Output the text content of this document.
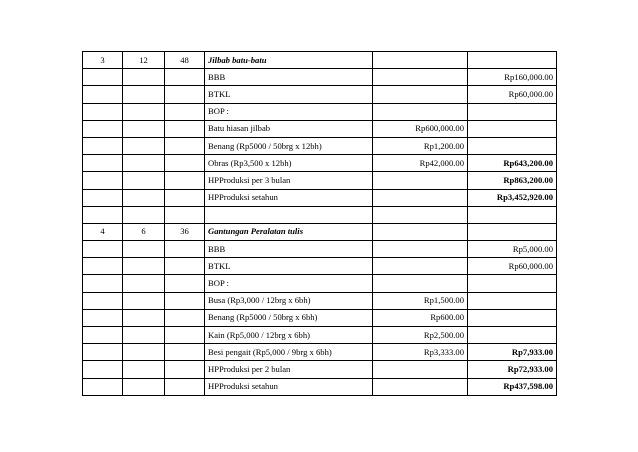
3	12	48	Jilbab batu-batu		
			BBB		Rp160,000.00
			BTKL		Rp60,000.00
			BOP :		
			Batu hiasan jilbab	Rp600,000.00	
			Benang (Rp5000 / 50brg x 12bh)	Rp1,200.00	
			Obras (Rp3,500 x 12bh)	Rp42,000.00	Rp643,200.00
			HPProduksi per 3 bulan		Rp863,200.00
			HPProduksi setahun		Rp3,452,920.00

4	6	36	Gantungan Peralatan tulis		
			BBB		Rp5,000.00
			BTKL		Rp60,000.00
			BOP :		
			Busa (Rp3,000 / 12brg x 6bh)	Rp1,500.00	
			Benang (Rp5000 / 50brg x 6bh)	Rp600.00	
			Kain (Rp5,000 / 12brg x 6bh)	Rp2,500.00	
			Besi pengait (Rp5,000 / 9brg x 6bh)	Rp3,333.00	Rp7,933.00
			HPProduksi per 2 bulan		Rp72,933.00
			HPProduksi setahun		Rp437,598.00
